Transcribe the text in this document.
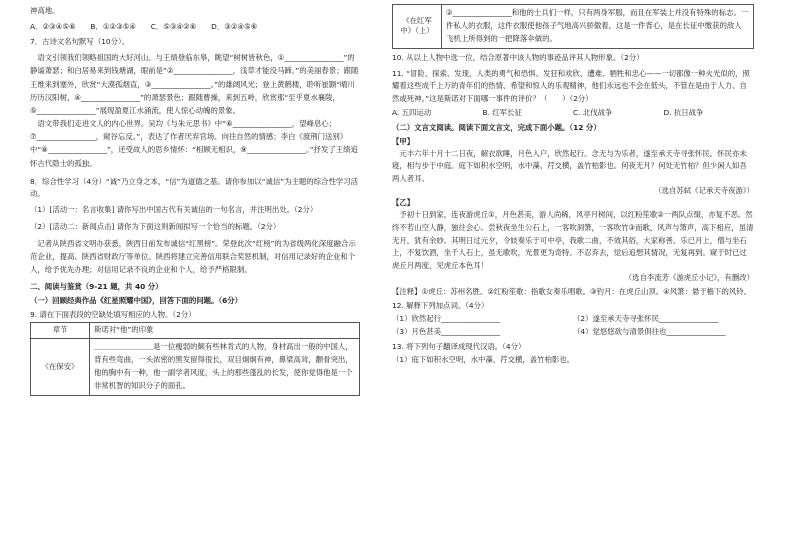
神高地。

A．②③④⑤⑥　　B．①②③⑤④　　C．⑤③④②⑥　　D．③②④⑤⑥

7．古诗文名句默写（10分）。

　语文引领我们领略祖国的大好河山。与王绩登临东皋，眺望“树树皆秋色，①________________”的静谧萧瑟；和白居易来到钱塘湖，眼前是“②________________，浅草才能没马蹄。”的美丽春景；跟随王维来到塞外，欣赏“大漠孤烟直，③________________。”的雄阔风光；登上黄鹤楼，聆听崔颢“晴川历历汉阳树，④________________”的萧瑟景色；跟随曹操，来到五岭，欣赏那“至乎夏水襄陵，⑤________________”展现盈夏江水涌流，使人惊心动魄的景象。

　语文带我们走进文人的内心世界。吴均《与朱元思书》中“⑥________________，望峰息心；⑦________________，窥谷忘反。”，表达了作者厌弃官场、向往自然的情感；李白《渡荆门送别》中“⑧________________”，还受故人的思乡情怀：“相顾无相识，⑨________________。”抒发了王绩追怀古代隐士的孤独。

8．综合性学习（4分）“诚”乃立身之本，“信”为道德之基。请你参加以“诚信”为主题的综合性学习活动。

（1）[活动一：名言收集] 请你写出中国古代有关诚信的一句名言，并注明出处。（2分）

（2）[活动二：新闻点击] 请你为下面这则新闻拟写一个恰当的标题。（2分）

　记者从陕西省文明办获悉，陕西日前发布诚信“红黑榜”。荣登此次“红榜”的为省级两化深度融合示范企业，提高、陕西省财政厅等单位。陕西将建立完善信用联合奖惩机制，对信用记录好的企业和个人，给予优先办理；对信用记录不良的企业和个人，给予严格限制。

二、阅读与鉴赏（9-21 题，共 40 分）

（一）回顾经典作品《红星照耀中国》，回答下面的问题。（6分）

9. 请在下面表段的空缺处填写相应的人物。（2分）

章节	斯诺对“他”的印象
《在保安》	＿＿＿＿＿＿＿＿是一位瘦弱的颇有些林肯式的人物，身材高出一般的中国人，背有些弯曲，一头浓密的黑发留得很长，双目炯炯有神，鼻梁高耸，颧骨突出，他的胸中有一种，他一副学者风度，头上的那些蓬乱的长发，使你觉得他是一个非常机智的知识分子的面孔。
《在红军中》（上）	②________________和他的士兵们一样，只有两身军服，而且在军装上并没有特殊的标志。一件私人的衣服，这件衣服使他孩子气地高兴骄傲着，这是一件背心，是在长征中缴获的敌人飞机上所得到的一把降落伞做的。

10. 从以上人物中选一位，结合原著中该人物的事迹品评其人物形象。（2分）

11. “冒险、探索、发现、人类的勇气和恐惧、发狂和欢欣、遭难、牺牲和忠心——一切都像一种火光似的，照耀着这些成千上万的青年们的热情、希望和惊人的乐观精神，他们永远也不会在低头，不管在是由于人力、自然或死神。”这是斯诺对下面哪一事件的评价？（　　）（2分）

A. 五四运动	B. 红军长征	C. 北伐战争	D. 抗日战争

（二）文言文阅读。阅读下面文言文，完成下面小题。（12 分）

【甲】

　元丰六年十月十二日夜，解衣欲睡，月色入户，欣然起行。念无与为乐者，遂至承天寺寻张怀民。怀民亦未寝，相与步于中庭。庭下如积水空明，水中藻、荇交横，盖竹柏影也。何夜无月？何处无竹柏？但少闲人如吾两人者耳。

（选自苏轼《记承天寺夜游》）

【乙】

　予初十日到家，连夜游虎丘①，月色甚美，游人尚稀，风亭月树间，以红粉笙歌②一两队点缀，亦复不恶。然终不若山空人静，独往会心。尝秋夜坐生公石上，一客吹洞箫，一客吹竹③而歌，风声与箫声，高下相应，虽清无月，犹有余妙。其明日过元夕，令妓奏乐于可中亭，我歌二曲，不效其俗，大家称善。乐已月上，僧与坐石上，不复饮酒，坐千人石上，虽无歌吹，光景更为奇特。不忍弃去，觉后追想其情况，无复再到。窥于时已过虎丘月两度，见虎丘本色耳！

（选自李流芳《游虎丘小记》，有删改）

【注释】①虎丘：苏州名胜。②红粉笙歌：指歌女奏乐唱歌。③钓月：在虎丘山顶。④风箫：悬于檐下的风铃。

12. 解释下列加点词。（4分）

（1）欣然起行________________	（2）遂至承天寺寻张怀民________________
（3）月色甚美________________	（4）觉悠悠欲与清景俱往也________________

13. 将下列句子翻译成现代汉语。（4分）

（1）庭下如积水空明，水中藻、荇交横，盖竹柏影也。
